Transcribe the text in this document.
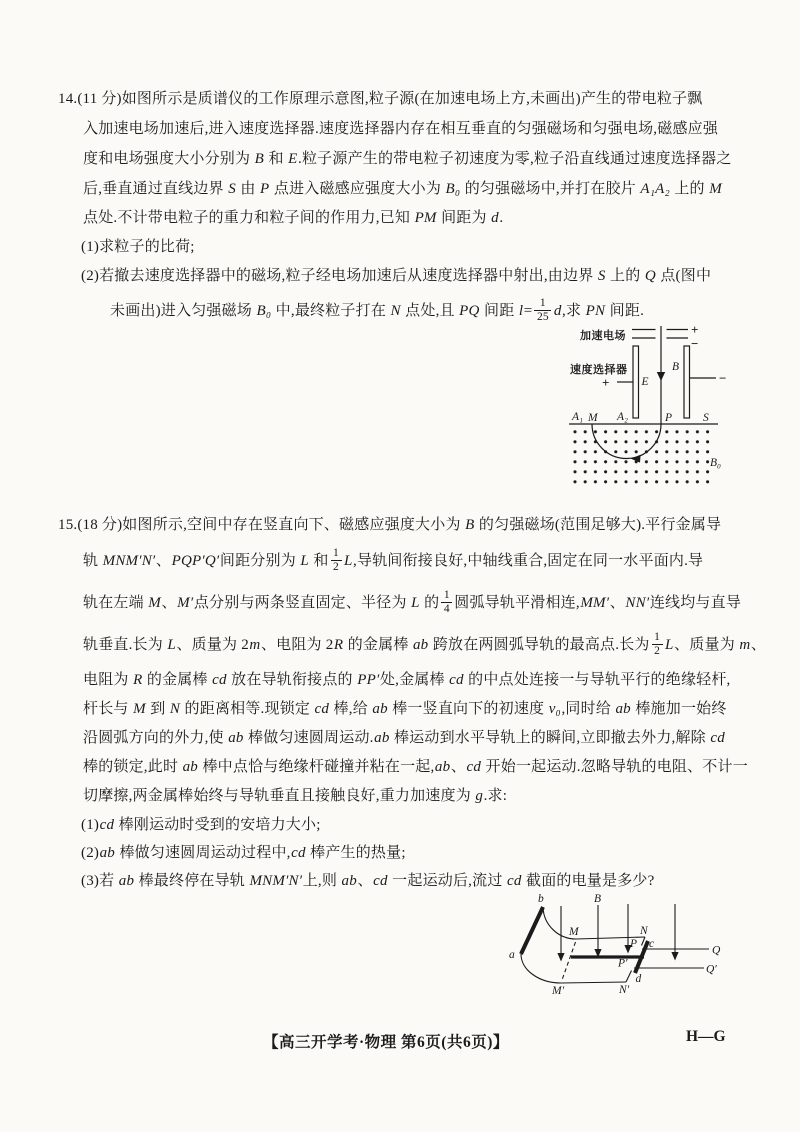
14.(11 分)如图所示是质谱仪的工作原理示意图,粒子源(在加速电场上方,未画出)产生的带电粒子飘
入加速电场加速后,进入速度选择器.速度选择器内存在相互垂直的匀强磁场和匀强电场,磁感应强
度和电场强度大小分别为 B 和 E.粒子源产生的带电粒子初速度为零,粒子沿直线通过速度选择器之
后,垂直通过直线边界 S 由 P 点进入磁感应强度大小为 B₀ 的匀强磁场中,并打在胶片 A₁A₂ 上的 M
点处.不计带电粒子的重力和粒子间的作用力,已知 PM 间距为 d.
(1)求粒子的比荷;
(2)若撤去速度选择器中的磁场,粒子经电场加速后从速度选择器中射出,由边界 S 上的 Q 点(图中
未画出)进入匀强磁场 B₀ 中,最终粒子打在 N 点处,且 PQ 间距 $l= \frac{1}{25} d$,求 PN 间距.
加速电场
速度选择器
+
−
+	−
E
B
A₁ M A₂	P	S
B₀
15.(18 分)如图所示,空间中存在竖直向下、磁感应强度大小为 B 的匀强磁场(范围足够大).平行金属导
轨 MNM′N′、PQP′Q′间距分别为 L 和 $\frac{1}{2} L$,导轨间衔接良好,中轴线重合,固定在同一水平面内.导
轨在左端 M、M′点分别与两条竖直固定、半径为 L 的 $\frac{1}{4}$ 圆弧导轨平滑相连,MM′、NN′连线均与直导
轨垂直.长为 L、质量为 2m、电阻为 2R 的金属棒 ab 跨放在两圆弧导轨的最高点.长为 $\frac{1}{2}$ L、质量为 m、
电阻为 R 的金属棒 cd 放在导轨衔接点的 PP′处,金属棒 cd 的中点处连接一与导轨平行的绝缘轻杆,
杆长与 M 到 N 的距离相等.现锁定 cd 棒,给 ab 棒一竖直向下的初速度 v₀,同时给 ab 棒施加一始终
沿圆弧方向的外力,使 ab 棒做匀速圆周运动.ab 棒运动到水平导轨上的瞬间,立即撤去外力,解除 cd
棒的锁定,此时 ab 棒中点恰与绝缘杆碰撞并粘在一起,ab、cd 开始一起运动.忽略导轨的电阻、不计一
切摩擦,两金属棒始终与导轨垂直且接触良好,重力加速度为 g.求:
(1)cd 棒刚运动时受到的安培力大小;
(2)ab 棒做匀速圆周运动过程中,cd 棒产生的热量;
(3)若 ab 棒最终停在导轨 MNM′N′上,则 ab、cd 一起运动后,流过 cd 截面的电量是多少?
B
b
a
M	N
M′	N′
P
P′
c
d
Q
Q′
【高三开学考·物理 第6页(共6页)】	H—G
